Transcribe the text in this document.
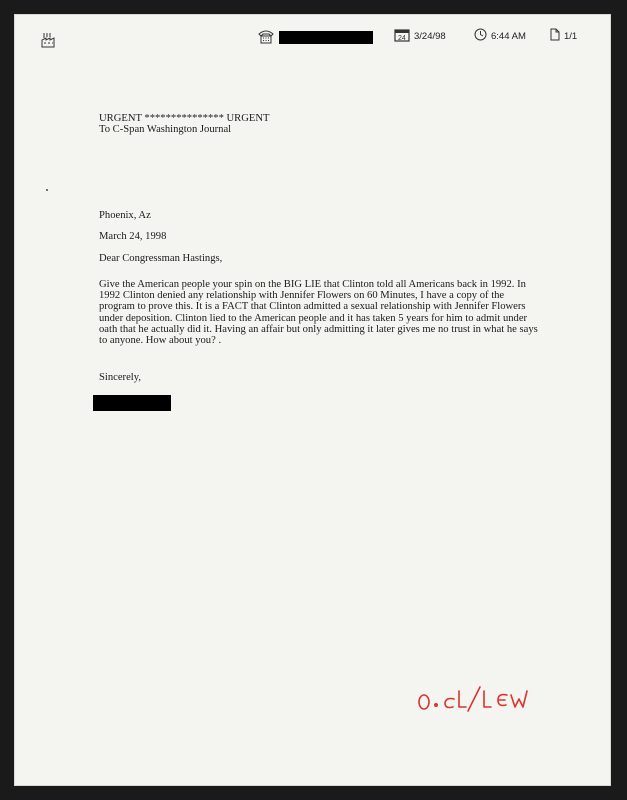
24 3/24/98	6:44 AM	1/1

URGENT *************** URGENT

To C-Span Washington Journal

Phoenix, Az

March 24, 1998

Dear Congressman Hastings,

Give the American people your spin on the BIG LIE that Clinton told all Americans back in 1992. In 1992 Clinton denied any relationship with Jennifer Flowers on 60 Minutes, I have a copy of the program to prove this. It is a FACT that Clinton admitted a sexual relationship with Jennifer Flowers under deposition. Clinton lied to the American people and it has taken 5 years for him to admit under oath that he actually did it. Having an affair but only admitting it later gives me no trust in what he says to anyone. How about you? .

Sincerely,
